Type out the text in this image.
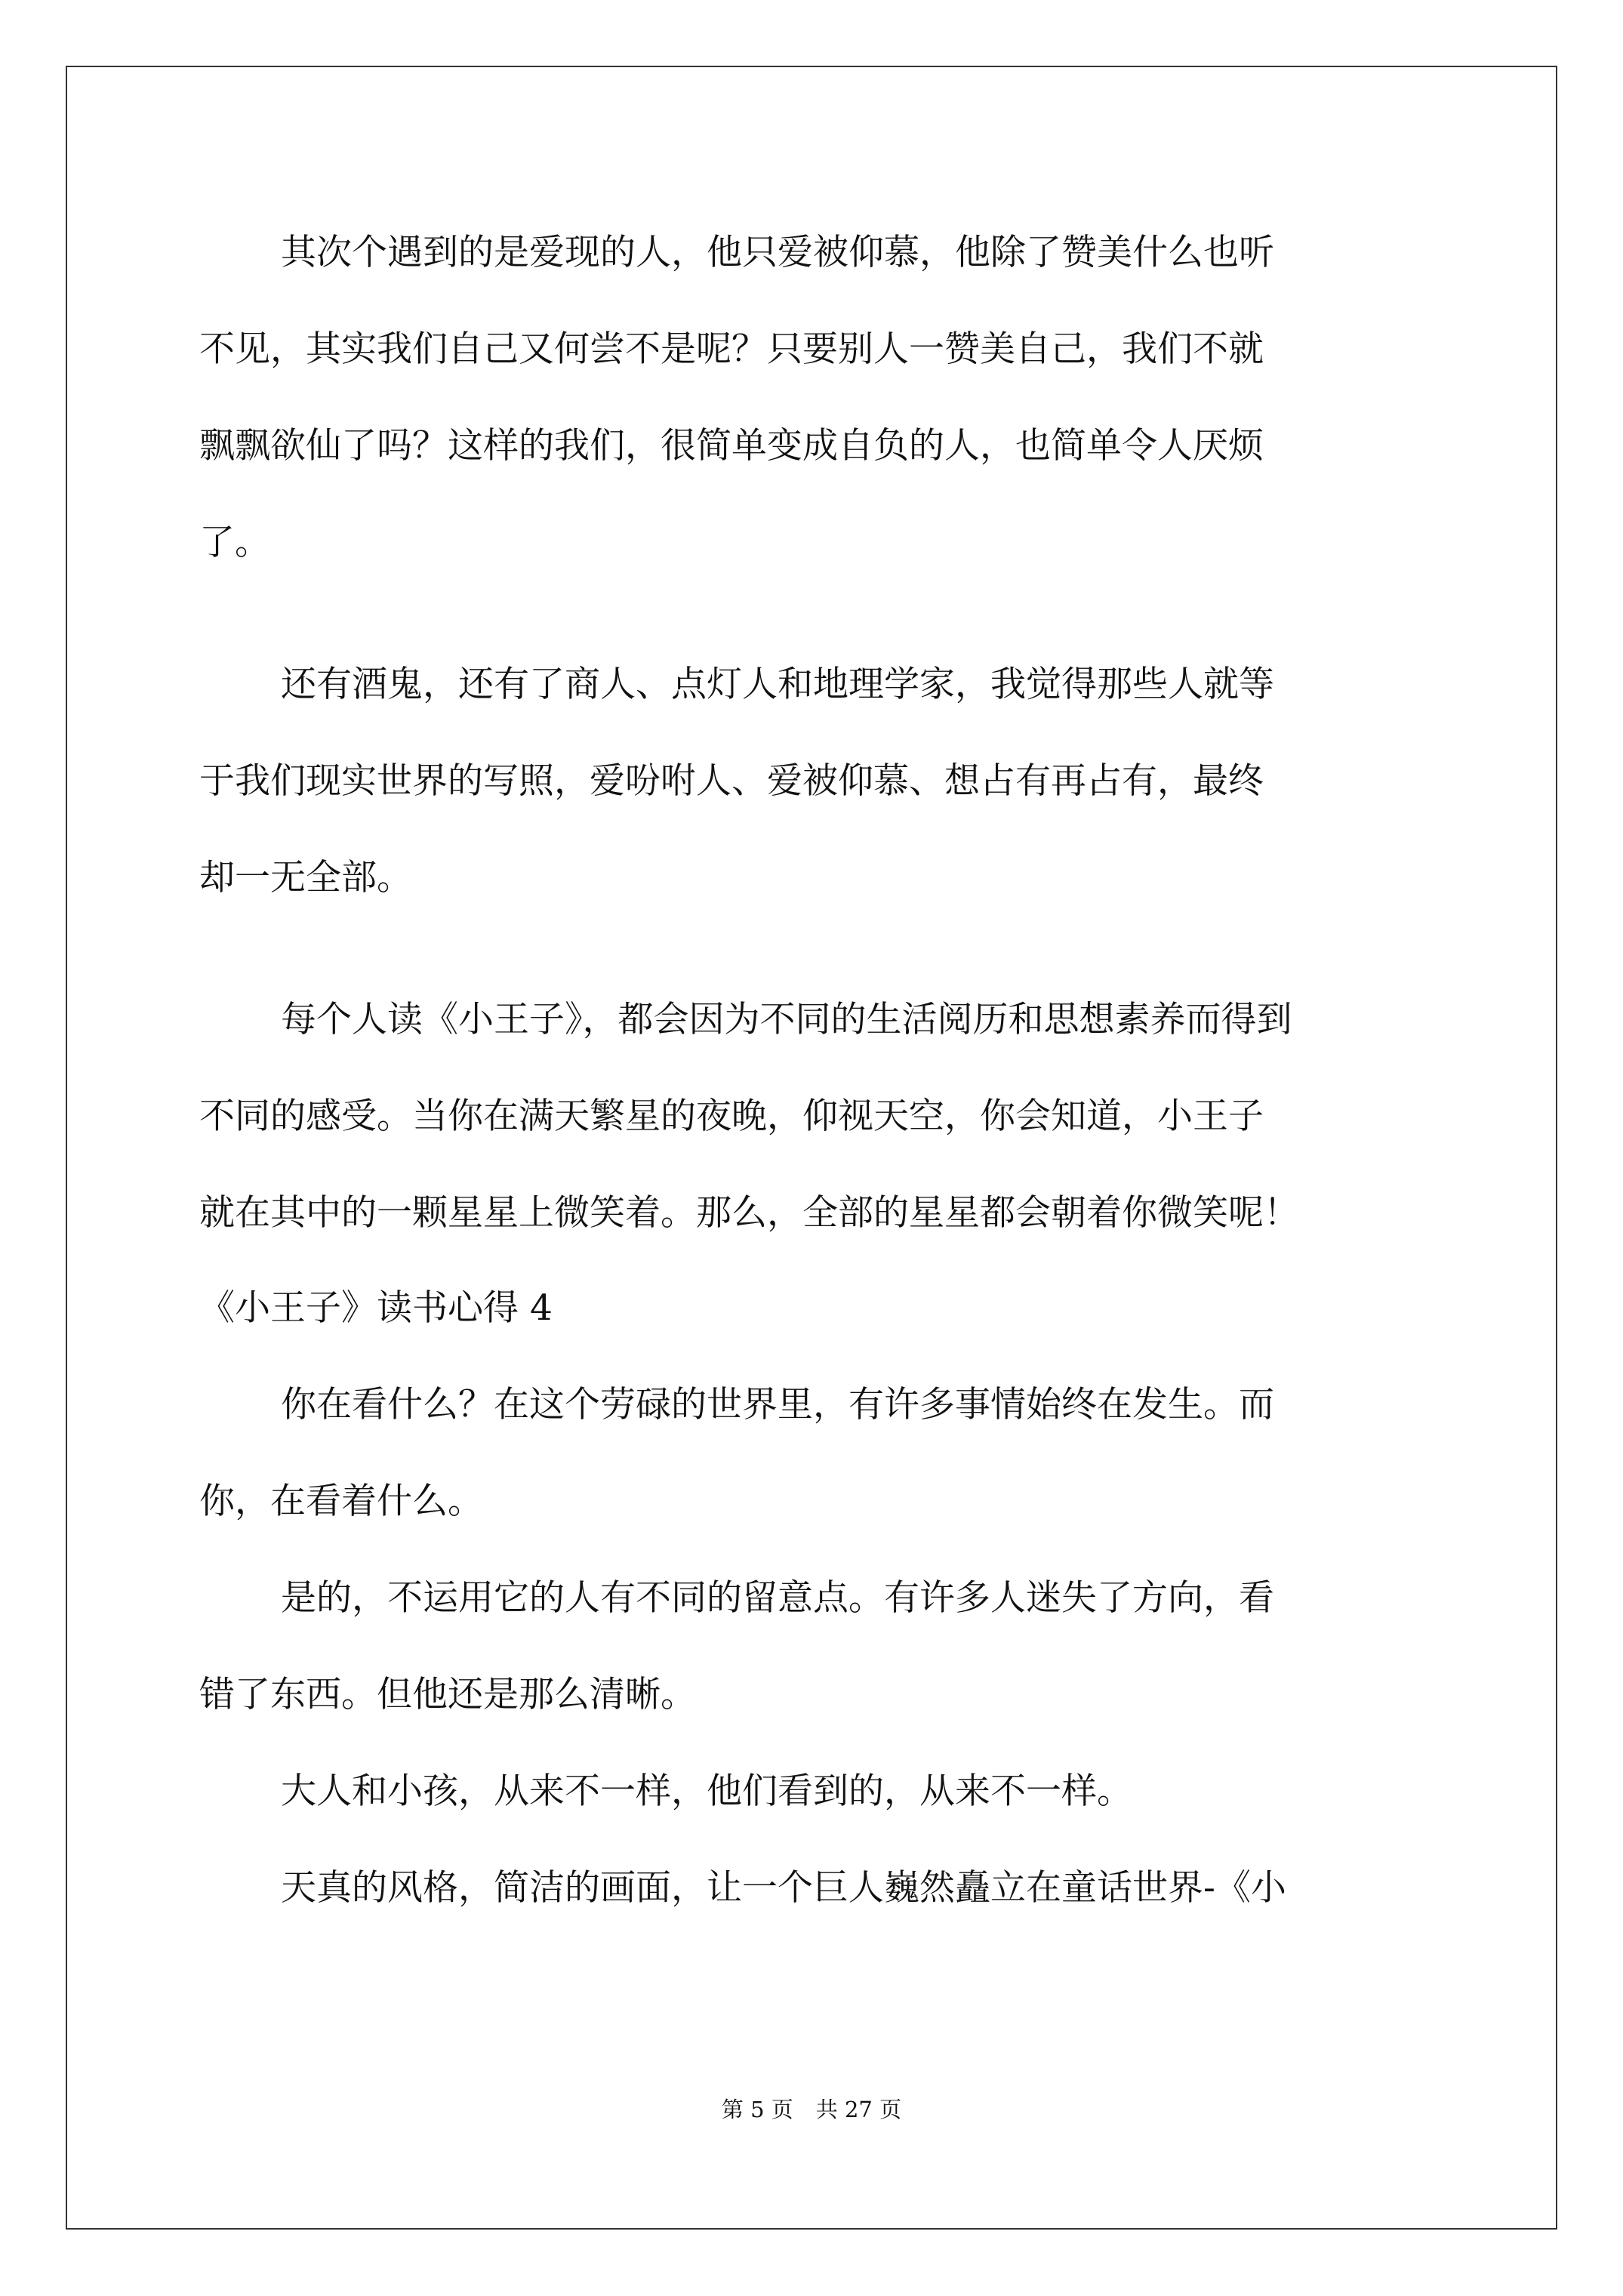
其次个遇到的是爱现的人，他只爱被仰慕，他除了赞美什么也听
不见，其实我们自己又何尝不是呢？只要别人一赞美自己，我们不就
飘飘欲仙了吗？这样的我们，很简单变成自负的人，也简单令人厌烦
了。
还有酒鬼，还有了商人、点灯人和地理学家，我觉得那些人就等
于我们现实世界的写照，爱吩咐人、爱被仰慕、想占有再占有，最终
却一无全部。
每个人读《小王子》，都会因为不同的生活阅历和思想素养而得到
不同的感受。当你在满天繁星的夜晚，仰视天空，你会知道，小王子
就在其中的一颗星星上微笑着。那么，全部的星星都会朝着你微笑呢！
《小王子》读书心得 4
你在看什么？在这个劳碌的世界里，有许多事情始终在发生。而
你，在看着什么。
是的，不运用它的人有不同的留意点。有许多人迷失了方向，看
错了东西。但他还是那么清晰。
大人和小孩，从来不一样，他们看到的，从来不一样。
天真的风格，简洁的画面，让一个巨人巍然矗立在童话世界-《小
第 5 页 共 27 页
